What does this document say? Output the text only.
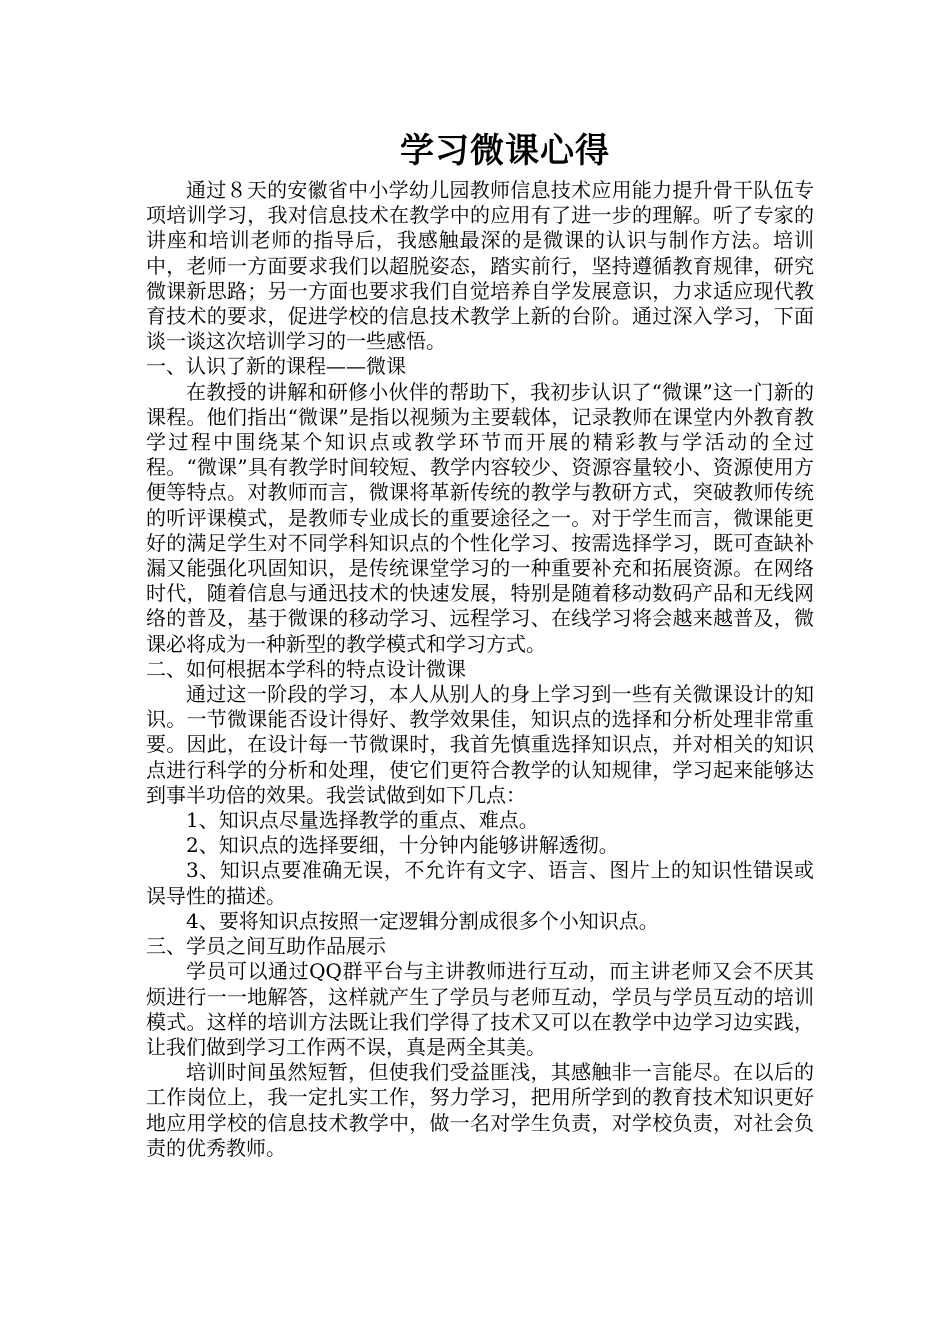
学习微课心得

通过８天的安徽省中小学幼儿园教师信息技术应用能力提升骨干队伍专项培训学习，我对信息技术在教学中的应用有了进一步的理解。听了专家的讲座和培训老师的指导后，我感触最深的是微课的认识与制作方法。培训中，老师一方面要求我们以超脱姿态，踏实前行，坚持遵循教育规律，研究微课新思路；另一方面也要求我们自觉培养自学发展意识，力求适应现代教育技术的要求，促进学校的信息技术教学上新的台阶。通过深入学习，下面谈一谈这次培训学习的一些感悟。

一、认识了新的课程——微课

在教授的讲解和研修小伙伴的帮助下，我初步认识了“微课”这一门新的课程。他们指出“微课”是指以视频为主要载体，记录教师在课堂内外教育教学过程中围绕某个知识点或教学环节而开展的精彩教与学活动的全过程。“微课”具有教学时间较短、教学内容较少、资源容量较小、资源使用方便等特点。对教师而言，微课将革新传统的教学与教研方式，突破教师传统的听评课模式，是教师专业成长的重要途径之一。对于学生而言，微课能更好的满足学生对不同学科知识点的个性化学习、按需选择学习，既可查缺补漏又能强化巩固知识，是传统课堂学习的一种重要补充和拓展资源。在网络时代，随着信息与通迅技术的快速发展，特别是随着移动数码产品和无线网络的普及，基于微课的移动学习、远程学习、在线学习将会越来越普及，微课必将成为一种新型的教学模式和学习方式。

二、如何根据本学科的特点设计微课

通过这一阶段的学习，本人从别人的身上学习到一些有关微课设计的知识。一节微课能否设计得好、教学效果佳，知识点的选择和分析处理非常重要。因此，在设计每一节微课时，我首先慎重选择知识点，并对相关的知识点进行科学的分析和处理，使它们更符合教学的认知规律，学习起来能够达到事半功倍的效果。我尝试做到如下几点：

1、知识点尽量选择教学的重点、难点。

2、知识点的选择要细，十分钟内能够讲解透彻。

3、知识点要准确无误，不允许有文字、语言、图片上的知识性错误或误导性的描述。

4、要将知识点按照一定逻辑分割成很多个小知识点。

三、学员之间互助作品展示

学员可以通过QQ群平台与主讲教师进行互动，而主讲老师又会不厌其烦进行一一地解答，这样就产生了学员与老师互动，学员与学员互动的培训模式。这样的培训方法既让我们学得了技术又可以在教学中边学习边实践，让我们做到学习工作两不误，真是两全其美。

培训时间虽然短暂，但使我们受益匪浅，其感触非一言能尽。在以后的工作岗位上，我一定扎实工作，努力学习，把用所学到的教育技术知识更好地应用学校的信息技术教学中，做一名对学生负责，对学校负责，对社会负责的优秀教师。
